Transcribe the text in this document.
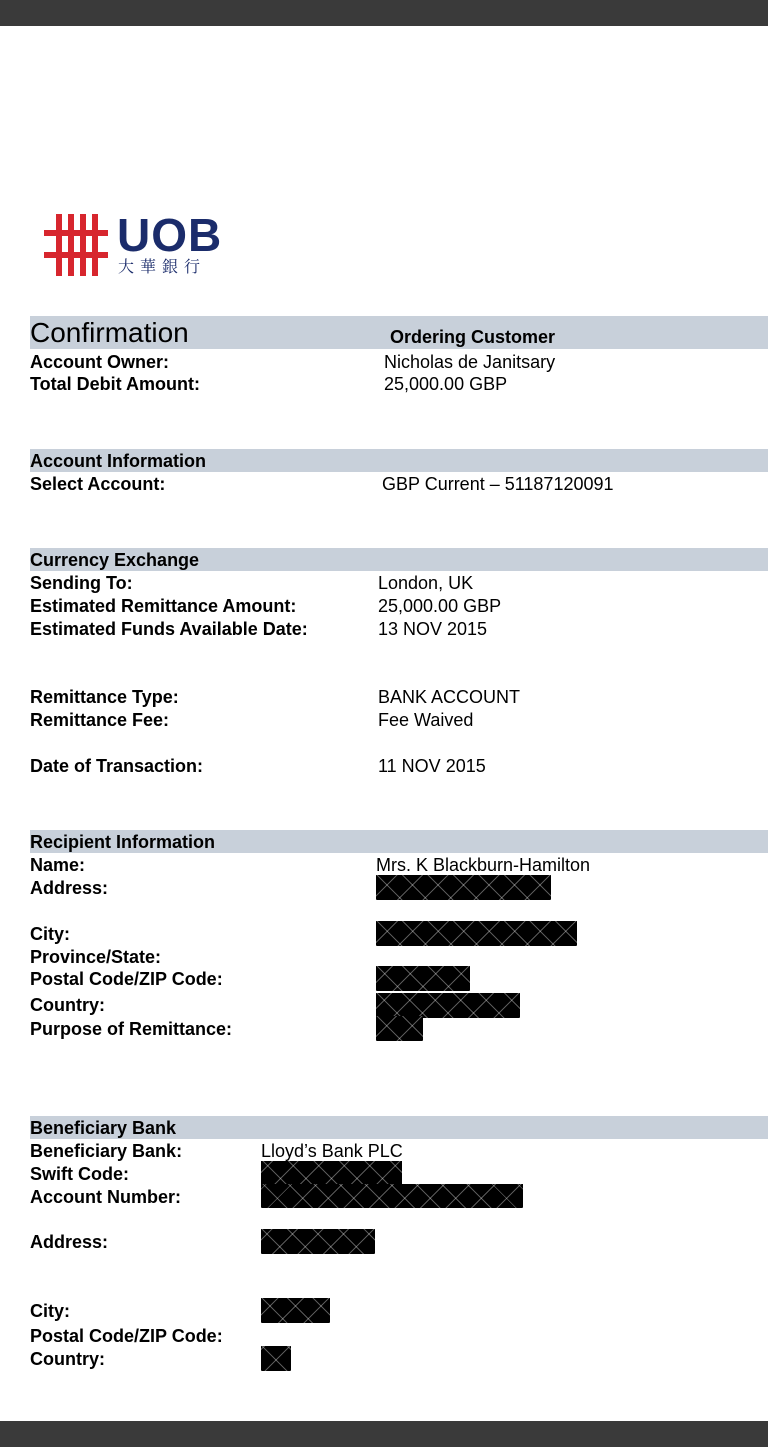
UOB
大華銀行
Confirmation	Ordering Customer
Account Owner:	Nicholas de Janitsary
Total Debit Amount:	25,000.00 GBP
Account Information
Select Account:	GBP Current – 51187120091
Currency Exchange
Sending To:	London, UK
Estimated Remittance Amount:	25,000.00 GBP
Estimated Funds Available Date:	13 NOV 2015
Remittance Type:	BANK ACCOUNT
Remittance Fee:	Fee Waived
Date of Transaction:	11 NOV 2015
Recipient Information
Name:	Mrs. K Blackburn-Hamilton
Address:
City:
Province/State:
Postal Code/ZIP Code:
Country:
Purpose of Remittance:
Beneficiary Bank
Beneficiary Bank:	Lloyd’s Bank PLC
Swift Code:
Account Number:
Address:
City:
Postal Code/ZIP Code:
Country:
